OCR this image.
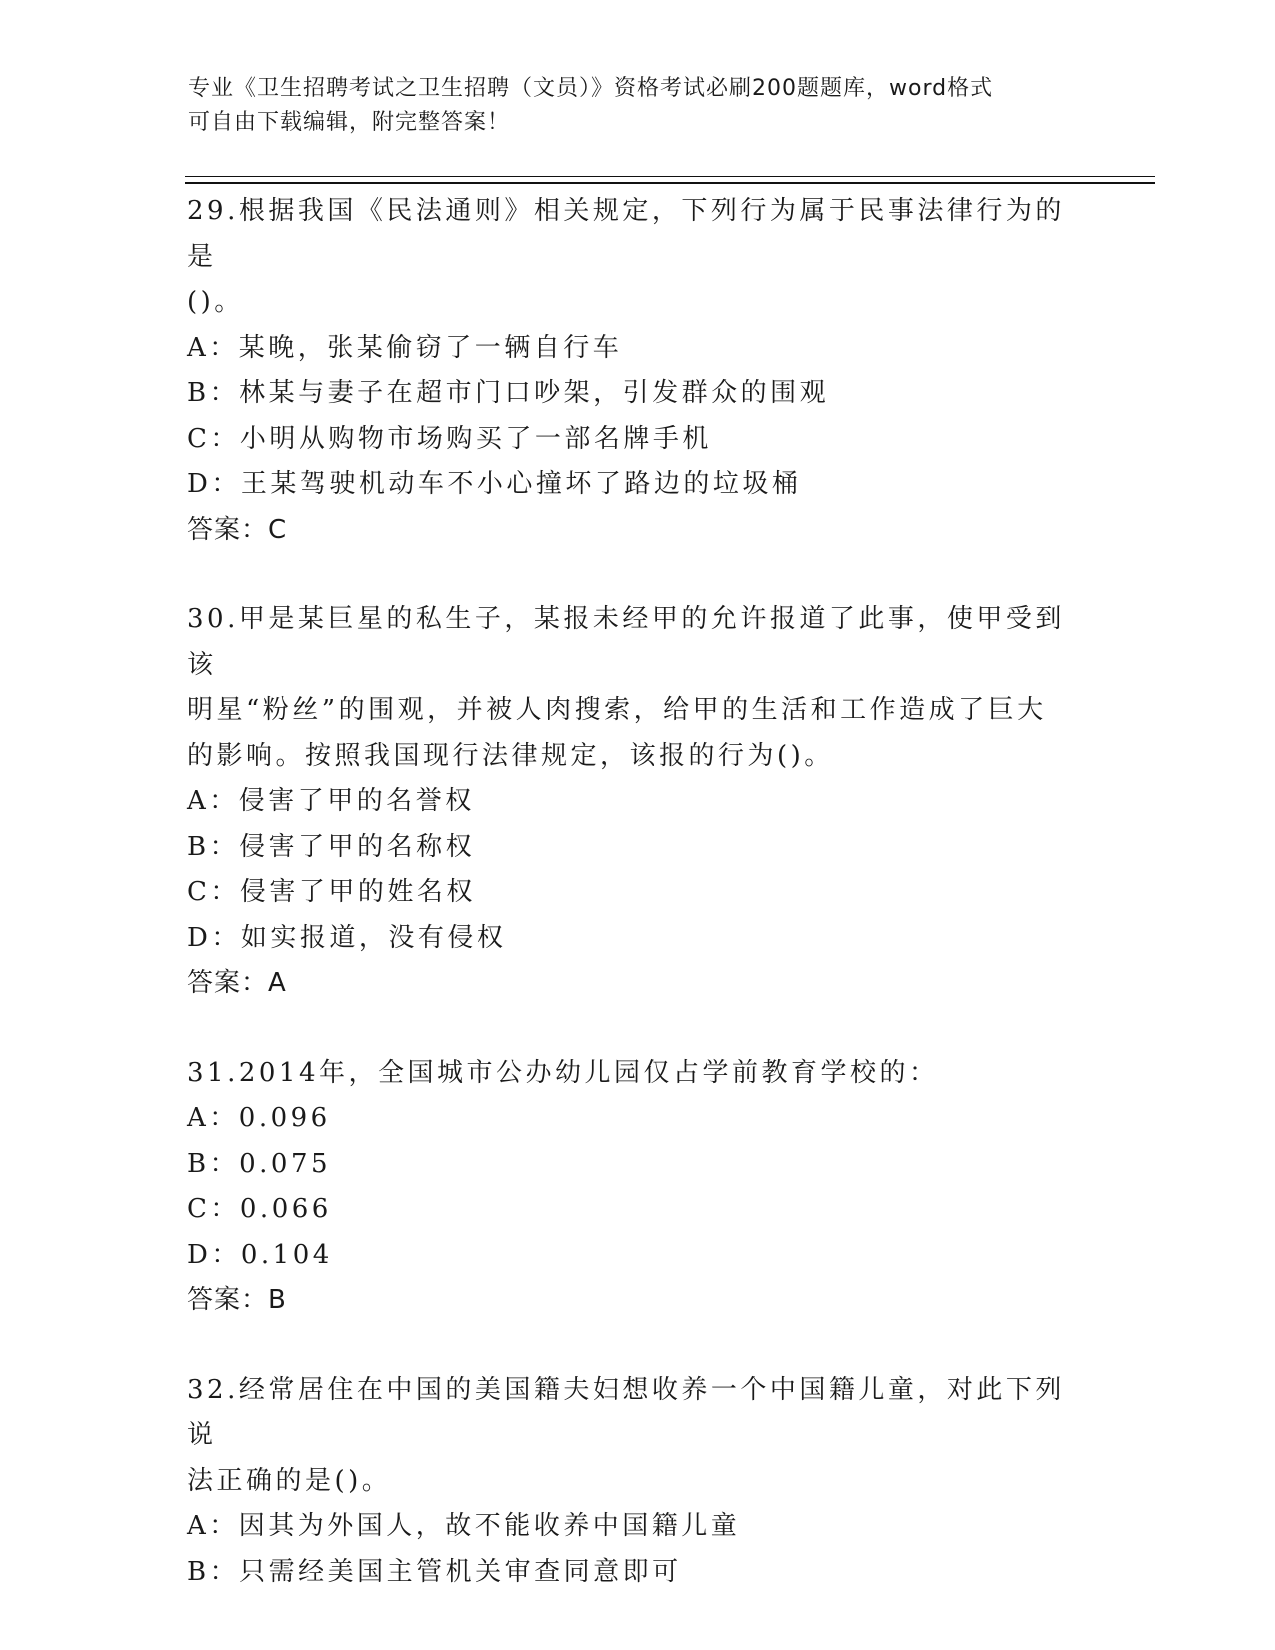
专业《卫生招聘考试之卫生招聘（文员）》资格考试必刷200题题库，word格式
可自由下载编辑，附完整答案！
29.根据我国《民法通则》相关规定，下列行为属于民事法律行为的是
()。
A：某晚，张某偷窃了一辆自行车
B：林某与妻子在超市门口吵架，引发群众的围观
C：小明从购物市场购买了一部名牌手机
D：王某驾驶机动车不小心撞坏了路边的垃圾桶
答案：C
30.甲是某巨星的私生子，某报未经甲的允许报道了此事，使甲受到该
明星“粉丝”的围观，并被人肉搜索，给甲的生活和工作造成了巨大
的影响。按照我国现行法律规定，该报的行为()。
A：侵害了甲的名誉权
B：侵害了甲的名称权
C：侵害了甲的姓名权
D：如实报道，没有侵权
答案：A
31.2014年，全国城市公办幼儿园仅占学前教育学校的：
A：0.096
B：0.075
C：0.066
D：0.104
答案：B
32.经常居住在中国的美国籍夫妇想收养一个中国籍儿童，对此下列说
法正确的是()。
A：因其为外国人，故不能收养中国籍儿童
B：只需经美国主管机关审查同意即可
